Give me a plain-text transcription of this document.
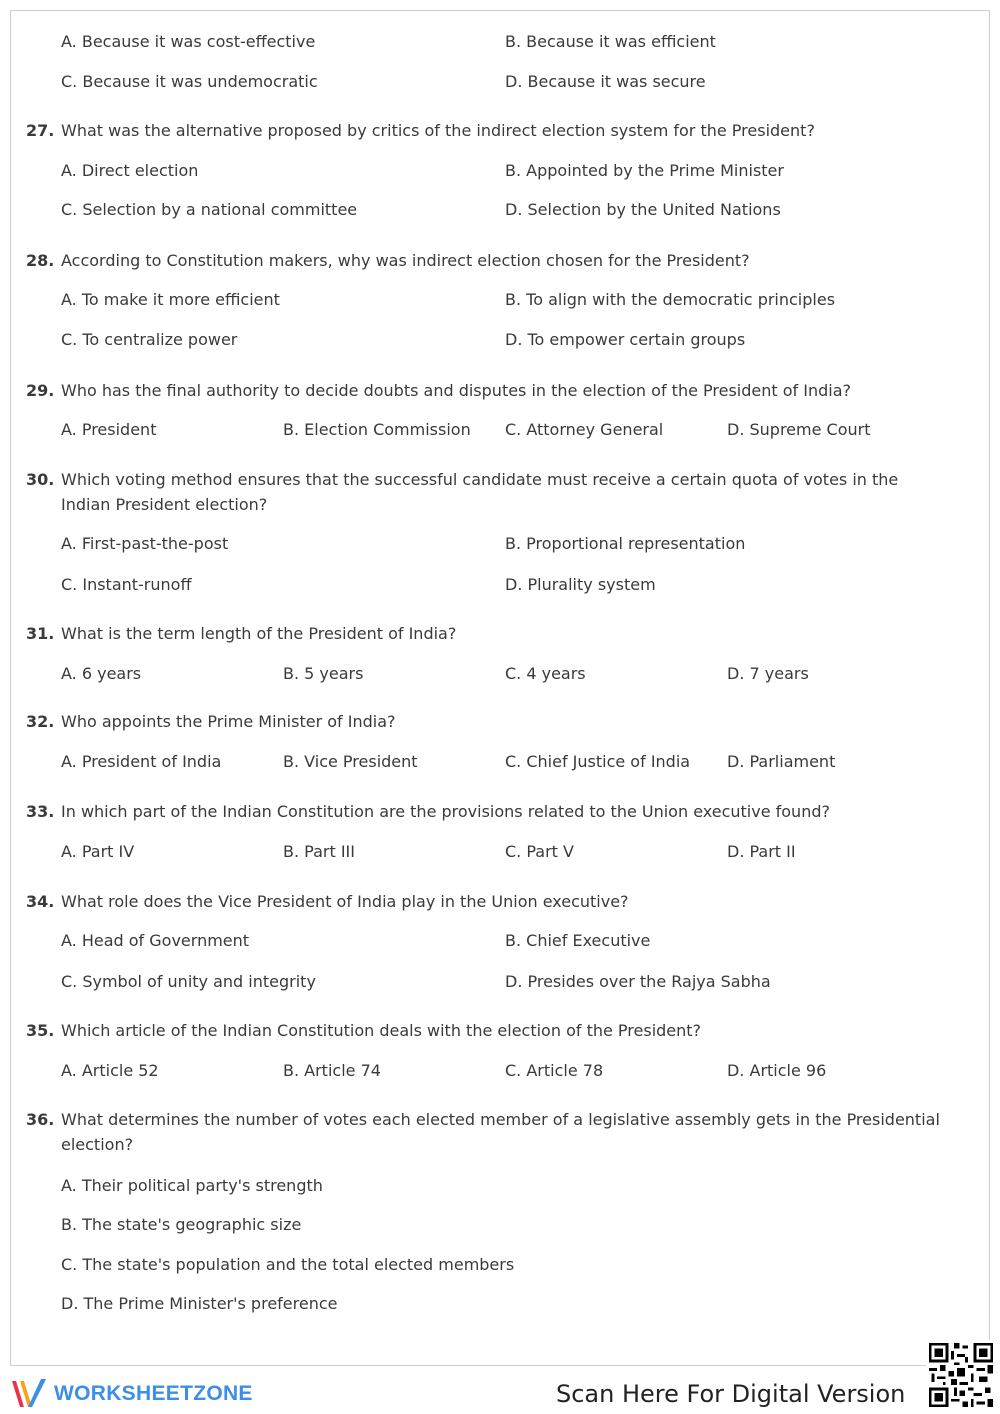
A. Because it was cost-effective	B. Because it was efficient
C. Because it was undemocratic	D. Because it was secure
27. What was the alternative proposed by critics of the indirect election system for the President?
A. Direct election	B. Appointed by the Prime Minister
C. Selection by a national committee	D. Selection by the United Nations
28. According to Constitution makers, why was indirect election chosen for the President?
A. To make it more efficient	B. To align with the democratic principles
C. To centralize power	D. To empower certain groups
29. Who has the final authority to decide doubts and disputes in the election of the President of India?
A. President	B. Election Commission C. Attorney General	D. Supreme Court
30. Which voting method ensures that the successful candidate must receive a certain quota of votes in the Indian President election?
A. First-past-the-post	B. Proportional representation
C. Instant-runoff	D. Plurality system
31. What is the term length of the President of India?
A. 6 years	B. 5 years	C. 4 years	D. 7 years
32. Who appoints the Prime Minister of India?
A. President of India	B. Vice President	C. Chief Justice of India D. Parliament
33. In which part of the Indian Constitution are the provisions related to the Union executive found?
A. Part IV	B. Part III	C. Part V	D. Part II
34. What role does the Vice President of India play in the Union executive?
A. Head of Government	B. Chief Executive
C. Symbol of unity and integrity	D. Presides over the Rajya Sabha
35. Which article of the Indian Constitution deals with the election of the President?
A. Article 52	B. Article 74	C. Article 78	D. Article 96
36. What determines the number of votes each elected member of a legislative assembly gets in the Presidential election?
A. Their political party's strength
B. The state's geographic size
C. The state's population and the total elected members
D. The Prime Minister's preference
WORKSHEETZONE	Scan Here For Digital Version
